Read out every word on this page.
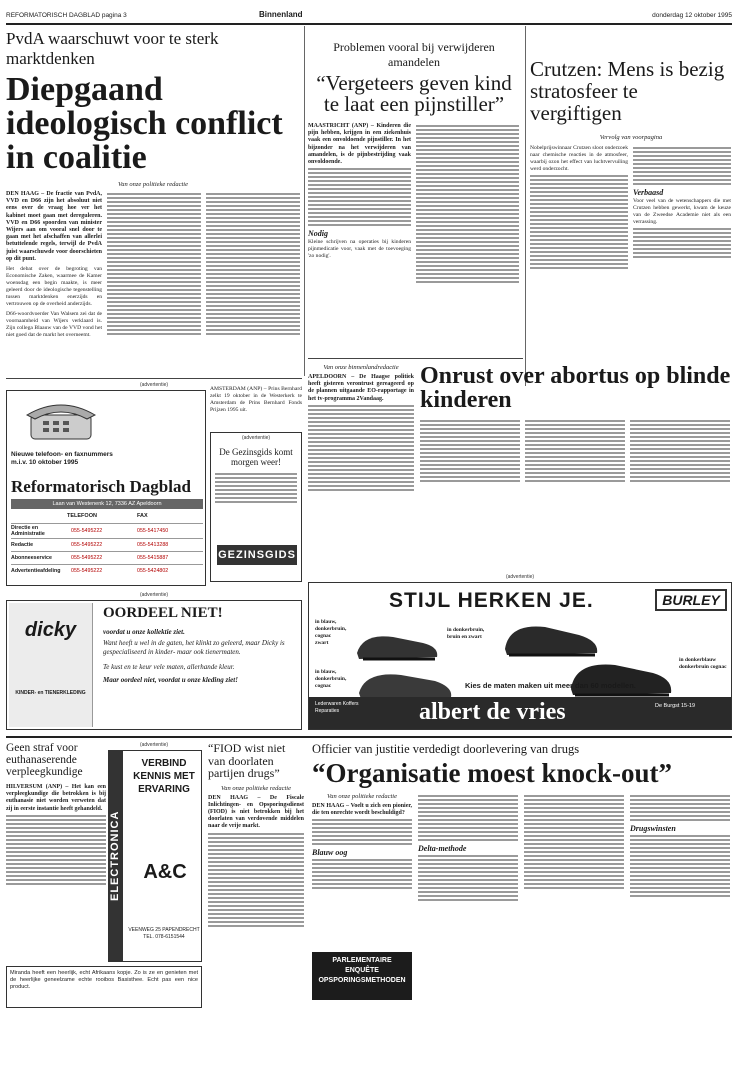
REFORMATORISCH DAGBLAD pagina 3	Binnenland	donderdag 12 oktober 1995
PvdA waarschuwt voor te sterk marktdenken
Diepgaand ideologisch conflict in coalitie
Van onze politieke redactie
DEN HAAG – De fractie van PvdA, VVD en D66 zijn het absoluut niet eens over de vraag hoe ver het kabinet moet gaan met dereguleren. VVD en D66 spoorden van minister Wijers aan om vooral snel door te gaan met het afschaffen van allerlei betuttelende regels, terwijl de PvdA juist waarschuwde voor doorschieten op dit punt.
Het debat over de begroting van Economische Zaken, waarmee de Kamer woensdag een begin maakte, is meer geleerd door de ideologische tegenstelling tussen marktdenken enerzijds en vertrouwen op de overheid anderzijds.
D66-woordvoerder Van Walsem zei dat de voornaamheid van Wijers verklaard is. Zijn collega Blaauw van de VVD vond het niet goed dat de markt het overneemt.
Problemen vooral bij verwijderen amandelen
“Vergeteers geven kind te laat een pijnstiller”
MAASTRICHT (ANP) – Kinderen die pijn hebben, krijgen in een ziekenhuis vaak een onvoldoende pijnstiller. In het bijzonder na het verwijderen van amandelen, is de pijnbestrijding vaak onvoldoende.
Nodig
Kleine schrijven na operaties bij kinderen pijnmedicatie voor, vaak met de toevoeging 'zo nodig'.
Crutzen: Mens is bezig stratosfeer te vergiftigen
Vervolg van voorpagina
Nobelprijswinnaar Crutzen sloot onderzoek naar chemische reacties in de atmosfeer, waarbij ozon het effect van luchtvervuiling werd onderzocht.
Verbaasd
Voor veel van de wetenschappers die met Crutzen hebben gewerkt, kwam de keuze van de Zweedse Academie niet als een verrassing.
Van onze binnenlandredactie
APELDOORN – De Haagse politiek heeft gisteren verontrust gereageerd op de plannen uitgaande EO-rapportage in het tv-programma 2Vandaag.
Onrust over abortus op blinde kinderen
(advertentie)
Nieuwe telefoon- en faxnummers m.i.v. 10 oktober 1995
Reformatorisch Dagblad
Laan van Westenenk 12, 7336 AZ Apeldoorn
TELEFOON	FAX
Directie en Administratie	055-5495222	055-5417450
Redactie	055-5495222	055-5413288
Abonneeservice	055-5495222	055-5415887
Advertentieafdeling	055-5495222	055-5424802
(advertentie)
De Gezinsgids komt morgen weer!
GEZINSGIDS
AMSTERDAM (ANP) – Prins Bernhard zelkt 19 oktober in de Westerkerk te Amsterdam de Prins Bernhard Fonds Prijzen 1995 uit.
(advertentie)
dicky
KINDER- en TIENERKLEDING
OORDEEL NIET!
voordat u onze kollektie ziet.
Want heeft u wel in de gaten, het klinkt zo geleerd, maar Dicky is gespecialiseerd in kinder- maar ook tienermaten.
Te kust en te keur vele maten, allerhande kleur.
Maar oordeel niet, voordat u onze kleding ziet!
(advertentie)
STIJL HERKEN JE.	BURLEY
in blauw, donkerbruin, cognac zwart
in donkerbruin, bruin en zwart
in blauw, donkerbruin, cognac
in donkerblauw donkerbruin cognac
Kies de maten maken uit meer dan 60 modellen.
Lederwaren Koffers Reparaties	albert de vries	De Burgst 15-19
Geen straf voor euthanaserende verpleegkundige
HILVERSUM (ANP) – Het kan een verpleegkundige die betrokken is bij euthanasie niet worden verweten dat zij in eerste instantie heeft gehandeld.
Miranda heeft een heerlijk, echt Afrikaans kopje. Zo is ze en genieten met de heerlijke geneelzame echte rooibos Basisthee. Echt pas een nice product.
(advertentie)
ELECTRONICA
VERBIND KENNIS MET ERVARING
A&C
VEENWEG 25 PAPENDRECHT TEL. 078-6151544
“FIOD wist niet van doorlaten partijen drugs”
Van onze politieke redactie
DEN HAAG – De Fiscale Inlichtingen- en Opsporingsdienst (FIOD) is niet betrokken bij het doorlaten van verdovende middelen naar de vrije markt.
Officier van justitie verdedigt doorlevering van drugs
“Organisatie moest knock-out”
Van onze politieke redactie
DEN HAAG – Voelt u zich een pionier, die ten onrechte wordt beschuldigd?
Blauw oog
PARLEMENTAIRE ENQUÊTE OPSPORINGSMETHODEN
Delta-methode
Drugswinsten
